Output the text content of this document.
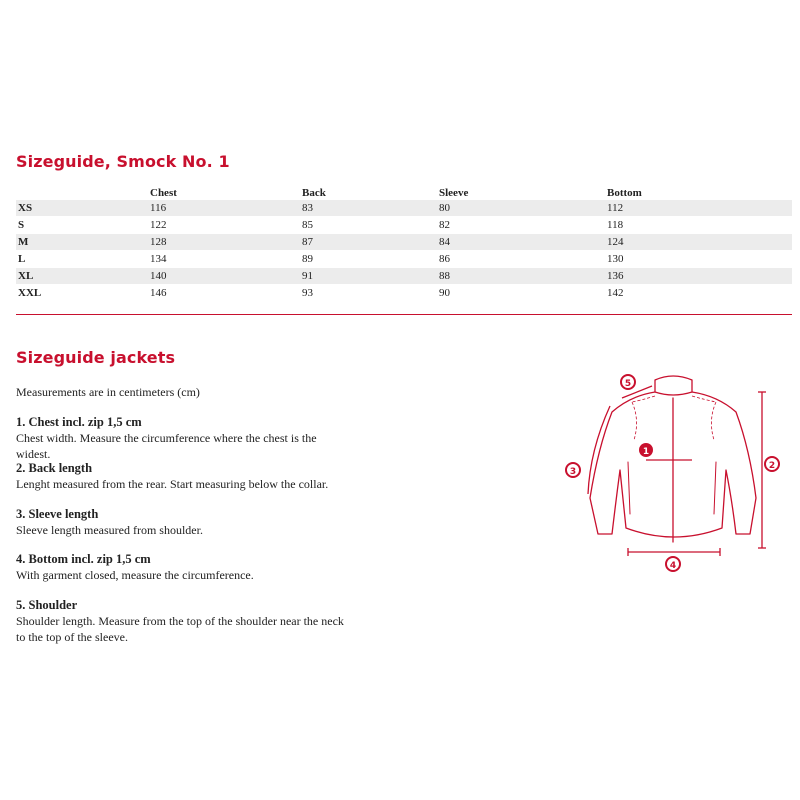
Sizeguide, Smock No. 1
	Chest	Back	Sleeve	Bottom
XS	116	83	80	112
S	122	85	82	118
M	128	87	84	124
L	134	89	86	130
XL	140	91	88	136
XXL	146	93	90	142
Sizeguide jackets

Measurements are in centimeters (cm)

1. Chest incl. zip 1,5 cm
Chest width. Measure the circumference where the chest is the widest.
2. Back length
Lenght measured from the rear. Start measuring below the collar.
3. Sleeve length
Sleeve length measured from shoulder.
4. Bottom incl. zip 1,5 cm
With garment closed, measure the circumference.
5. Shoulder
Shoulder length. Measure from the top of the shoulder near the neck to the top of the sleeve.
1
2
3
4
5
